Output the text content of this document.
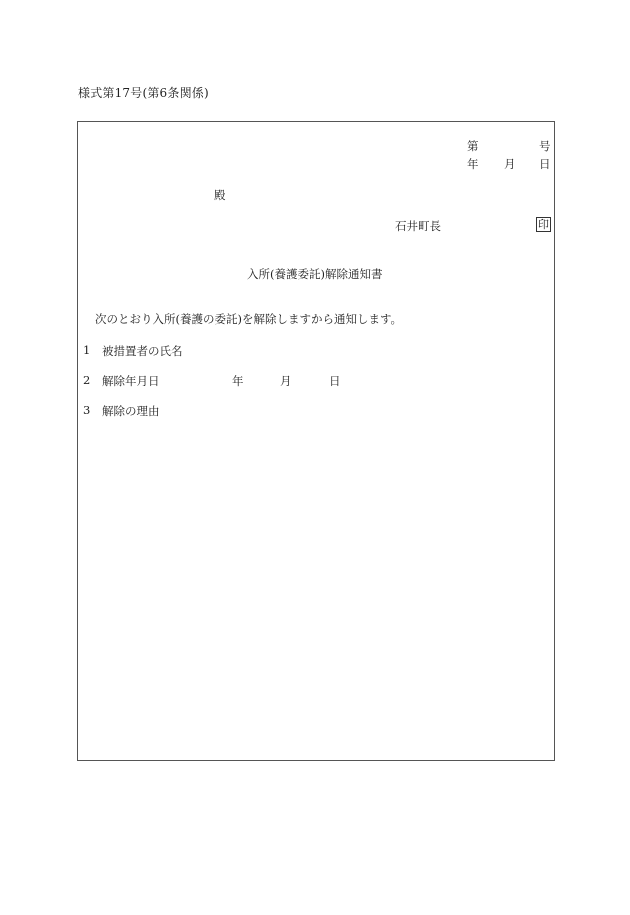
様式第17号(第6条関係)
第	号
年 月 日
殿
石井町長	印
入所(養護委託)解除通知書
次のとおり入所(養護の委託)を解除しますから通知します。
1 被措置者の氏名
2 解除年月日	年	月	日
3 解除の理由
